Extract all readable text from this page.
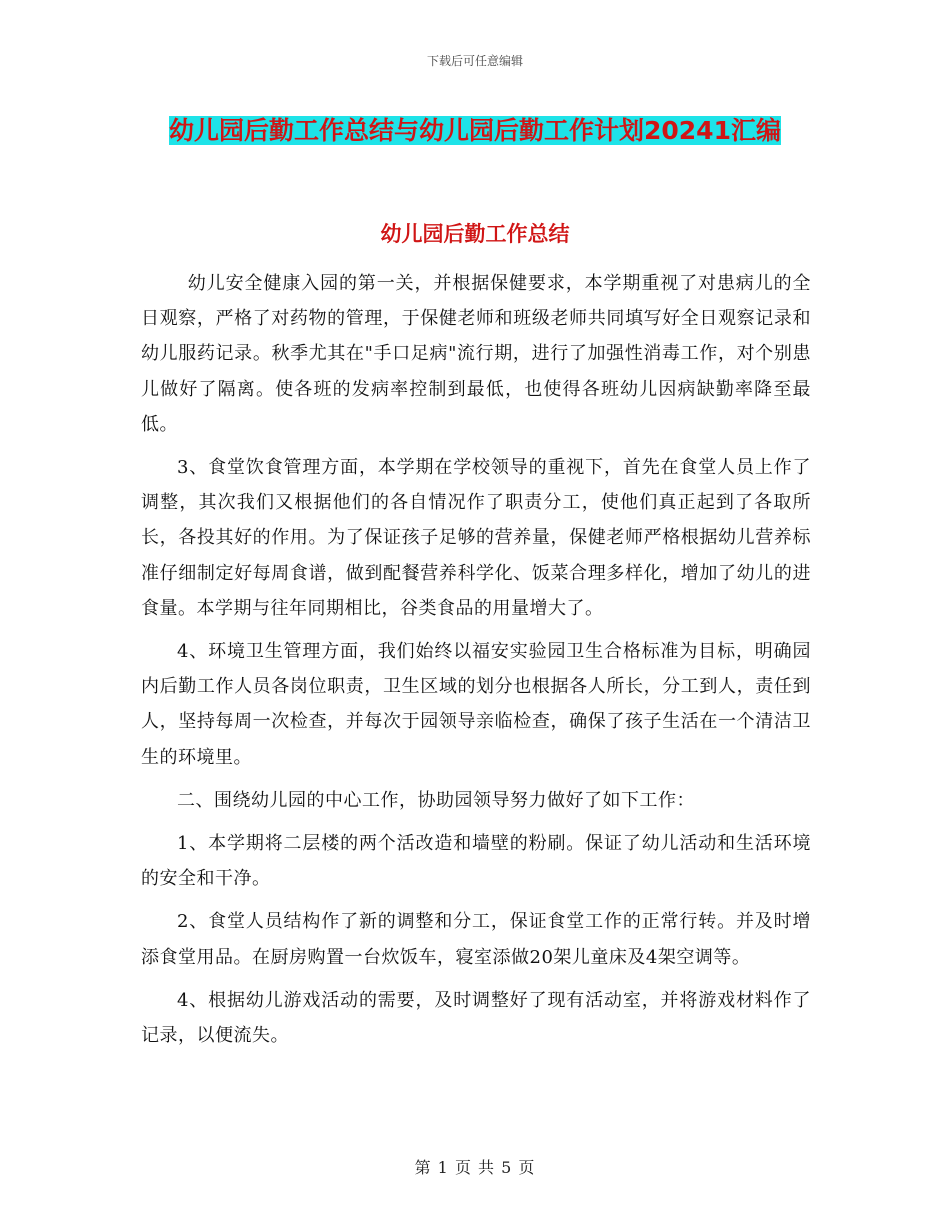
下载后可任意编辑
幼儿园后勤工作总结与幼儿园后勤工作计划20241汇编
幼儿园后勤工作总结

幼儿安全健康入园的第一关，并根据保健要求，本学期重视了对患病儿的全日观察，严格了对药物的管理，于保健老师和班级老师共同填写好全日观察记录和幼儿服药记录。秋季尤其在"手口足病"流行期，进行了加强性消毒工作，对个别患儿做好了隔离。使各班的发病率控制到最低，也使得各班幼儿因病缺勤率降至最低。

3、食堂饮食管理方面，本学期在学校领导的重视下，首先在食堂人员上作了调整，其次我们又根据他们的各自情况作了职责分工，使他们真正起到了各取所长，各投其好的作用。为了保证孩子足够的营养量，保健老师严格根据幼儿营养标准仔细制定好每周食谱，做到配餐营养科学化、饭菜合理多样化，增加了幼儿的进食量。本学期与往年同期相比，谷类食品的用量增大了。

4、环境卫生管理方面，我们始终以福安实验园卫生合格标准为目标，明确园内后勤工作人员各岗位职责，卫生区域的划分也根据各人所长，分工到人，责任到人，坚持每周一次检查，并每次于园领导亲临检查，确保了孩子生活在一个清洁卫生的环境里。

二、围绕幼儿园的中心工作，协助园领导努力做好了如下工作：

1、本学期将二层楼的两个活改造和墙壁的粉刷。保证了幼儿活动和生活环境的安全和干净。

2、食堂人员结构作了新的调整和分工，保证食堂工作的正常行转。并及时增添食堂用品。在厨房购置一台炊饭车，寝室添做20架儿童床及4架空调等。

4、根据幼儿游戏活动的需要，及时调整好了现有活动室，并将游戏材料作了记录，以便流失。

第 1 页 共 5 页
